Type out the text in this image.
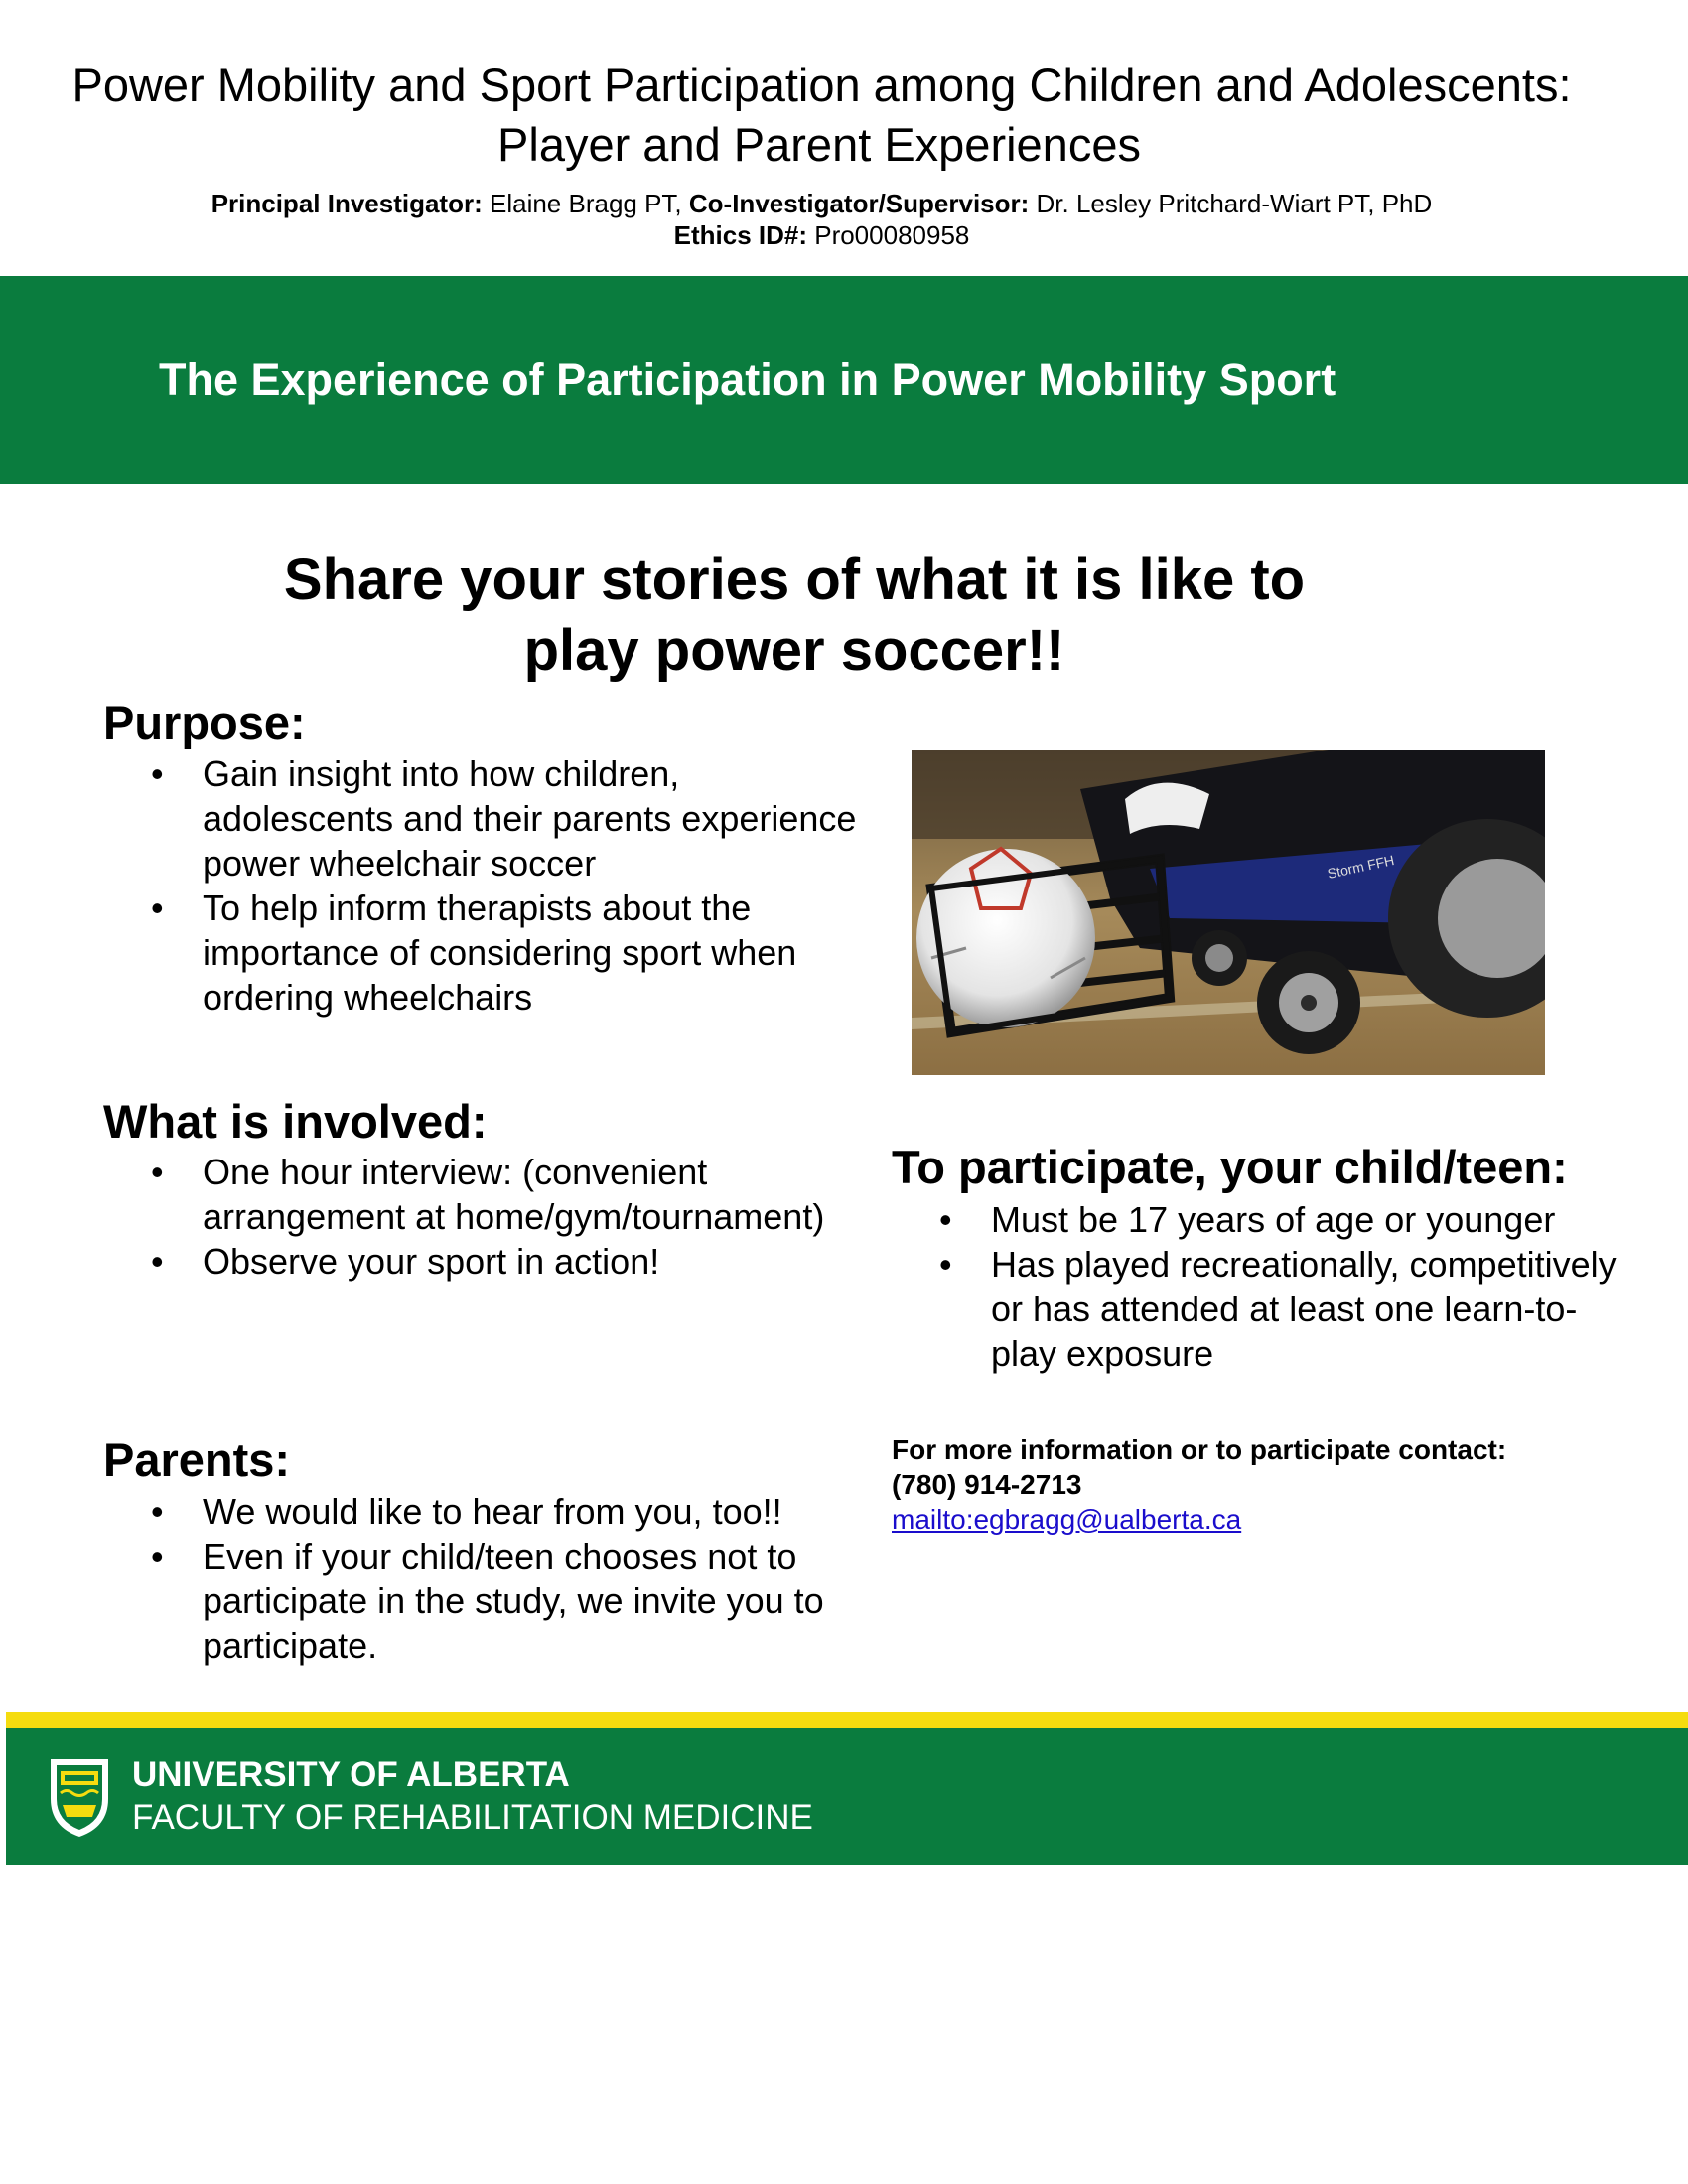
Power Mobility and Sport Participation among Children and Adolescents:
Player and Parent Experiences
Principal Investigator: Elaine Bragg PT, Co-Investigator/Supervisor: Dr. Lesley Pritchard-Wiart PT, PhD
Ethics ID#: Pro00080958
The Experience of Participation in Power Mobility Sport
Share your stories of what it is like to
play power soccer!!
Purpose:
• Gain insight into how children, adolescents and their parents experience power wheelchair soccer
• To help inform therapists about the importance of considering sport when ordering wheelchairs
Storm FFH
What is involved:
• One hour interview: (convenient arrangement at home/gym/tournament)
• Observe your sport in action!
To participate, your child/teen:
• Must be 17 years of age or younger
• Has played recreationally, competitively or has attended at least one learn-to-play exposure
Parents:
• We would like to hear from you, too!!
• Even if your child/teen chooses not to participate in the study, we invite you to participate.
For more information or to participate contact:
(780) 914-2713
mailto:egbragg@ualberta.ca
UNIVERSITY OF ALBERTA
FACULTY OF REHABILITATION MEDICINE
